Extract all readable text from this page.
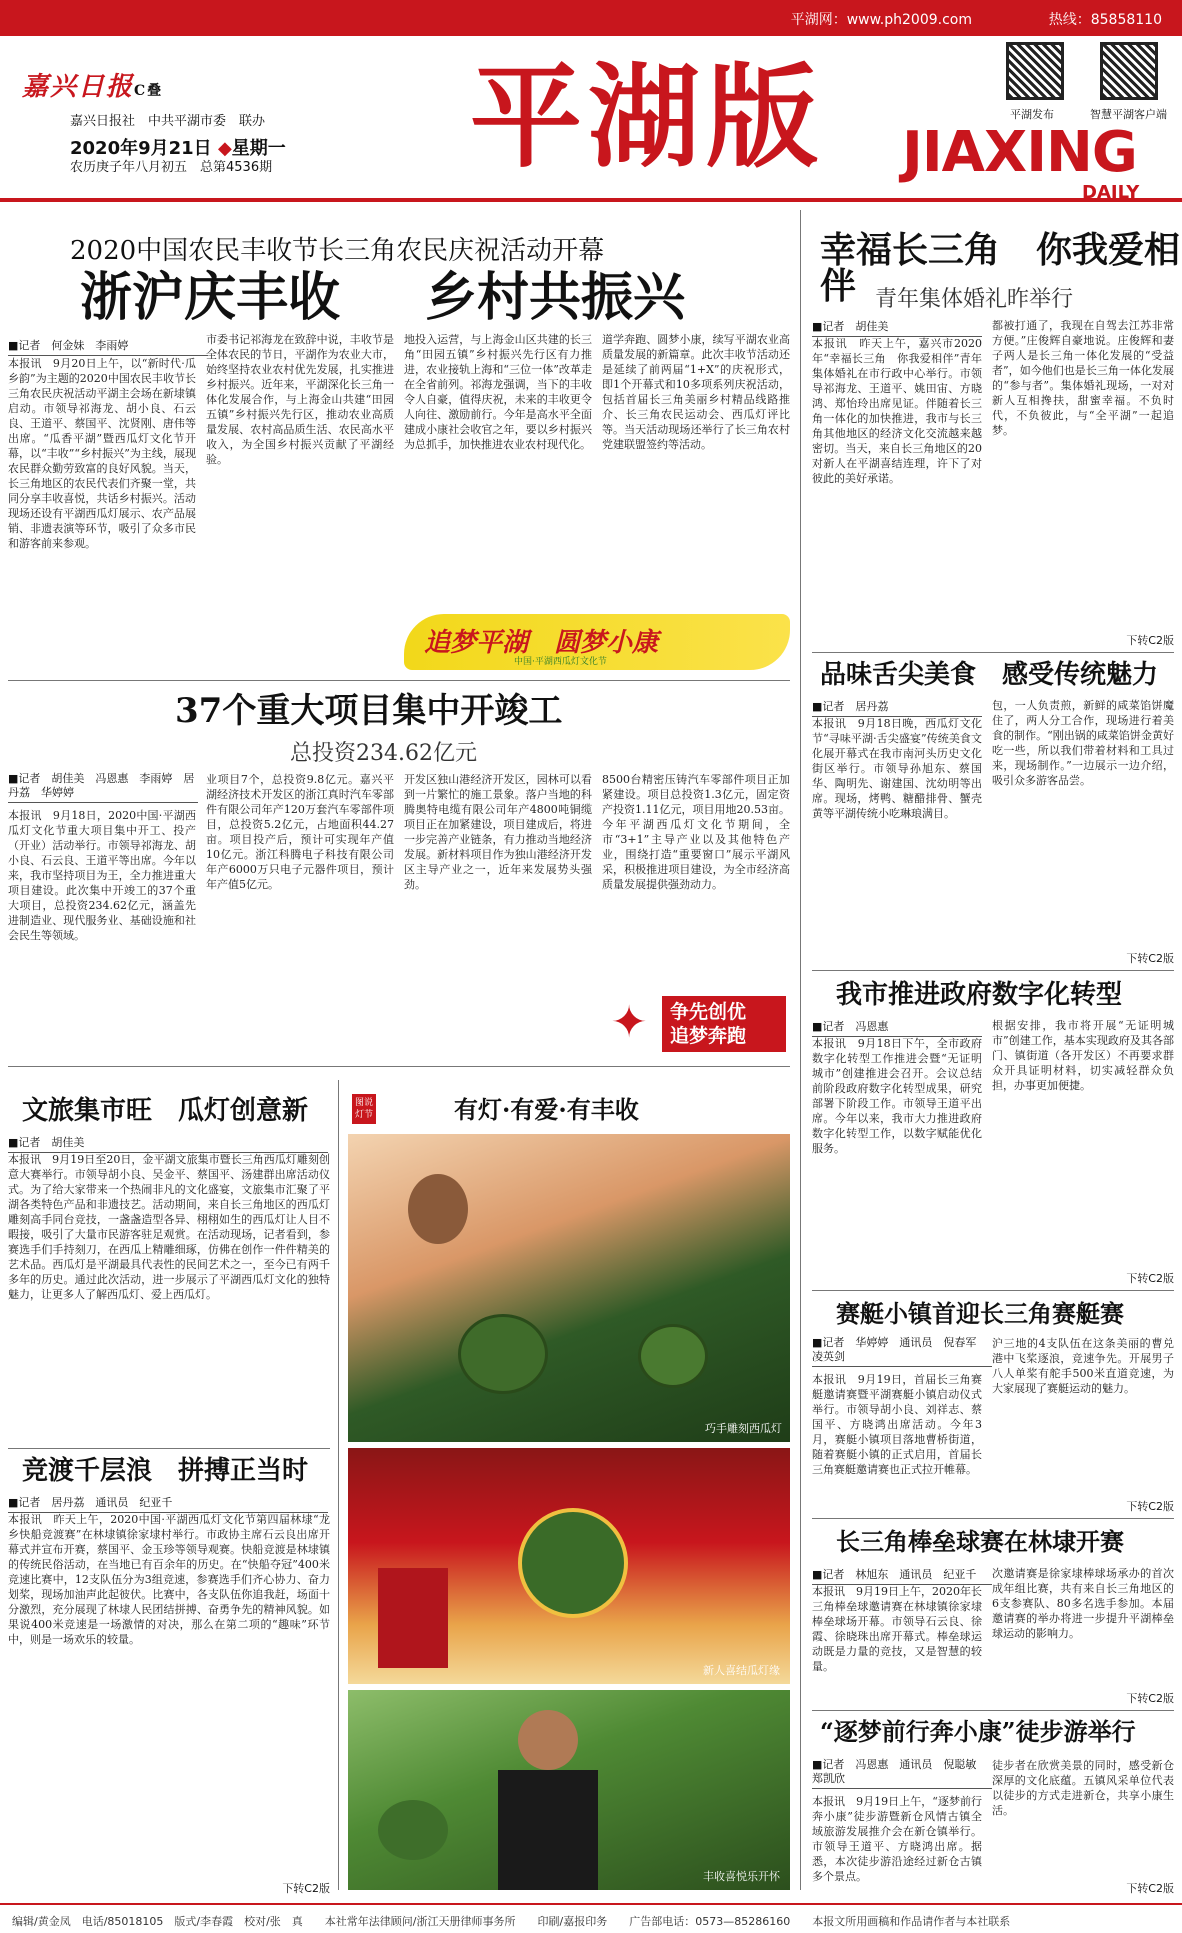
平湖网：www.ph2009.com	热线：85858110
嘉兴日报C叠
嘉兴日报社　中共平湖市委　联办
2020年9月21日 ◆星期一
农历庚子年八月初五　总第4536期 平湖版	平湖发布	智慧平湖客户端
JIAXING
DAILY
2020中国农民丰收节长三角农民庆祝活动开幕
浙沪庆丰收 乡村共振兴
■记者　何金妹　李雨婷
本报讯　9月20日上午，以“新时代·瓜乡韵”为主题的2020中国农民丰收节长三角农民庆祝活动平湖主会场在新埭镇启动。市领导祁海龙、胡小良、石云良、王道平、蔡国平、沈贤刚、唐伟等出席。“瓜香平湖”暨西瓜灯文化节开幕，以“丰收”“乡村振兴”为主线，展现农民群众勤劳致富的良好风貌。当天，长三角地区的农民代表们齐聚一堂，共同分享丰收喜悦，共话乡村振兴。活动现场还设有平湖西瓜灯展示、农产品展销、非遗表演等环节，吸引了众多市民和游客前来参观。
市委书记祁海龙在致辞中说，丰收节是全体农民的节日，平湖作为农业大市，始终坚持农业农村优先发展，扎实推进乡村振兴。近年来，平湖深化长三角一体化发展合作，与上海金山共建“田园五镇”乡村振兴先行区，推动农业高质量发展、农村高品质生活、农民高水平收入，为全国乡村振兴贡献了平湖经验。
地投入运营，与上海金山区共建的长三角“田园五镇”乡村振兴先行区有力推进，农业接轨上海和“三位一体”改革走在全省前列。祁海龙强调，当下的丰收令人自豪，值得庆祝，未来的丰收更令人向往、激励前行。今年是高水平全面建成小康社会收官之年，要以乡村振兴为总抓手，加快推进农业农村现代化。
道学奔跑、圆梦小康，续写平湖农业高质量发展的新篇章。此次丰收节活动还是延续了前两届“1+X”的庆祝形式，即1个开幕式和10多项系列庆祝活动，包括首届长三角美丽乡村精品线路推介、长三角农民运动会、西瓜灯评比等。当天活动现场还举行了长三角农村党建联盟签约等活动。
追梦平湖　圆梦小康
中国·平湖西瓜灯文化节
37个重大项目集中开竣工
总投资234.62亿元
■记者　胡佳美　冯恩惠　李雨婷　居丹荔　华婷婷
本报讯　9月18日，2020中国·平湖西瓜灯文化节重大项目集中开工、投产（开业）活动举行。市领导祁海龙、胡小良、石云良、王道平等出席。今年以来，我市坚持项目为王，全力推进重大项目建设。此次集中开竣工的37个重大项目，总投资234.62亿元，涵盖先进制造业、现代服务业、基础设施和社会民生等领域。
业项目7个，总投资9.8亿元。嘉兴平湖经济技术开发区的浙江真时汽车零部件有限公司年产120万套汽车零部件项目，总投资5.2亿元，占地面积44.27亩。项目投产后，预计可实现年产值10亿元。浙江科腾电子科技有限公司年产6000万只电子元器件项目，预计年产值5亿元。
开发区独山港经济开发区，园林可以看到一片繁忙的施工景象。落户当地的科腾奥特电缆有限公司年产4800吨铜缆项目正在加紧建设，项目建成后，将进一步完善产业链条，有力推动当地经济发展。新材料项目作为独山港经济开发区主导产业之一，近年来发展势头强劲。
8500台精密压铸汽车零部件项目正加紧建设。项目总投资1.3亿元，固定资产投资1.11亿元，项目用地20.53亩。今年平湖西瓜灯文化节期间，全市“3+1”主导产业以及其他特色产业，围绕打造“重要窗口”展示平湖风采，积极推进项目建设，为全市经济高质量发展提供强劲动力。
✦	争先创优　追梦奔跑
幸福长三角　你我爱相伴 青年集体婚礼昨举行
■记者　胡佳美
本报讯　昨天上午，嘉兴市2020年“幸福长三角　你我爱相伴”青年集体婚礼在市行政中心举行。市领导祁海龙、王道平、姚田宙、方晓鸿、郑怡玲出席见证。伴随着长三角一体化的加快推进，我市与长三角其他地区的经济文化交流越来越密切。当天，来自长三角地区的20对新人在平湖喜结连理，许下了对彼此的美好承诺。
都被打通了，我现在自驾去江苏非常方便。”庄俊辉自豪地说。庄俊辉和妻子两人是长三角一体化发展的“受益者”，如今他们也是长三角一体化发展的“参与者”。集体婚礼现场，一对对新人互相搀扶，甜蜜幸福。不负时代，不负彼此，与“全平湖”一起追梦。
下转C2版
品味舌尖美食　感受传统魅力
■记者　居丹荔
本报讯　9月18日晚，西瓜灯文化节“寻味平湖·舌尖盛宴”传统美食文化展开幕式在我市南河头历史文化街区举行。市领导孙旭东、蔡国华、陶明先、谢建国、沈幼明等出席。现场，烤鸭、糖醋排骨、蟹壳黄等平湖传统小吃琳琅满目。
包，一人负责煎，新鲜的咸菜馅饼魔住了，两人分工合作，现场进行着美食的制作。“刚出锅的咸菜馅饼金黄好吃一些，所以我们带着材料和工具过来，现场制作。”一边展示一边介绍，吸引众多游客品尝。
下转C2版
我市推进政府数字化转型
■记者　冯恩惠
本报讯　9月18日下午，全市政府数字化转型工作推进会暨“无证明城市”创建推进会召开。会议总结前阶段政府数字化转型成果，研究部署下阶段工作。市领导王道平出席。今年以来，我市大力推进政府数字化转型工作，以数字赋能优化服务。
根据安排，我市将开展“无证明城市”创建工作，基本实现政府及其各部门、镇街道（各开发区）不再要求群众开具证明材料，切实减轻群众负担，办事更加便捷。
下转C2版
赛艇小镇首迎长三角赛艇赛
■记者　华婷婷　通讯员　倪春军　凌英剑
本报讯　9月19日，首届长三角赛艇邀请赛暨平湖赛艇小镇启动仪式举行。市领导胡小良、刘祥志、蔡国平、方晓鸿出席活动。今年3月，赛艇小镇项目落地曹桥街道，随着赛艇小镇的正式启用，首届长三角赛艇邀请赛也正式拉开帷幕。
沪三地的4支队伍在这条美丽的曹兑港中飞桨逐浪，竞速争先。开展男子八人单桨有舵手500米直道竞速，为大家展现了赛艇运动的魅力。
下转C2版
长三角棒垒球赛在林埭开赛
■记者　林旭东　通讯员　纪亚千
本报讯　9月19日上午，2020年长三角棒垒球邀请赛在林埭镇徐家埭棒垒球场开幕。市领导石云良、徐霞、徐晓珠出席开幕式。棒垒球运动既是力量的竞技，又是智慧的较量。
次邀请赛是徐家埭棒球场承办的首次成年组比赛，共有来自长三角地区的6支参赛队、80多名选手参加。本届邀请赛的举办将进一步提升平湖棒垒球运动的影响力。
下转C2版
“逐梦前行奔小康”徒步游举行
■记者　冯恩惠　通讯员　倪聪敏　郑凯欣
本报讯　9月19日上午，“逐梦前行奔小康”徒步游暨新仓风情古镇全域旅游发展推介会在新仓镇举行。市领导王道平、方晓鸿出席。据悉，本次徒步游沿途经过新仓古镇多个景点。
徒步者在欣赏美景的同时，感受新仓深厚的文化底蕴。五镇风采单位代表以徒步的方式走进新仓，共享小康生活。
下转C2版
文旅集市旺　瓜灯创意新
■记者　胡佳美
本报讯　9月19日至20日，金平湖文旅集市暨长三角西瓜灯雕刻创意大赛举行。市领导胡小良、吴金平、蔡国平、汤建群出席活动仪式。为了给大家带来一个热闹非凡的文化盛宴，文旅集市汇聚了平湖各类特色产品和非遗技艺。活动期间，来自长三角地区的西瓜灯雕刻高手同台竞技，一盏盏造型各异、栩栩如生的西瓜灯让人目不暇接，吸引了大量市民游客驻足观赏。在活动现场，记者看到，参赛选手们手持刻刀，在西瓜上精雕细琢，仿佛在创作一件件精美的艺术品。西瓜灯是平湖最具代表性的民间艺术之一，至今已有两千多年的历史。通过此次活动，进一步展示了平湖西瓜灯文化的独特魅力，让更多人了解西瓜灯、爱上西瓜灯。
竞渡千层浪　拼搏正当时
■记者　居丹荔　通讯员　纪亚千
本报讯　昨天上午，2020中国·平湖西瓜灯文化节第四届林埭“龙乡快船竞渡赛”在林埭镇徐家埭村举行。市政协主席石云良出席开幕式并宣布开赛，蔡国平、金玉珍等领导观赛。快船竞渡是林埭镇的传统民俗活动，在当地已有百余年的历史。在“快船夺冠”400米竞速比赛中，12支队伍分为3组竞速，参赛选手们齐心协力、奋力划桨，现场加油声此起彼伏。比赛中，各支队伍你追我赶，场面十分激烈，充分展现了林埭人民团结拼搏、奋勇争先的精神风貌。如果说400米竞速是一场激情的对决，那么在第二项的“趣味”环节中，则是一场欢乐的较量。
下转C2版
图说灯节	有灯·有爱·有丰收
巧手雕刻西瓜灯
新人喜结瓜灯缘
丰收喜悦乐开怀
编辑/黄金凤　电话/85018105　版式/李春霞　校对/张　真　　本社常年法律顾问/浙江天册律师事务所　　印刷/嘉报印务　　广告部电话：0573—85286160　　本报文所用画稿和作品请作者与本社联系
